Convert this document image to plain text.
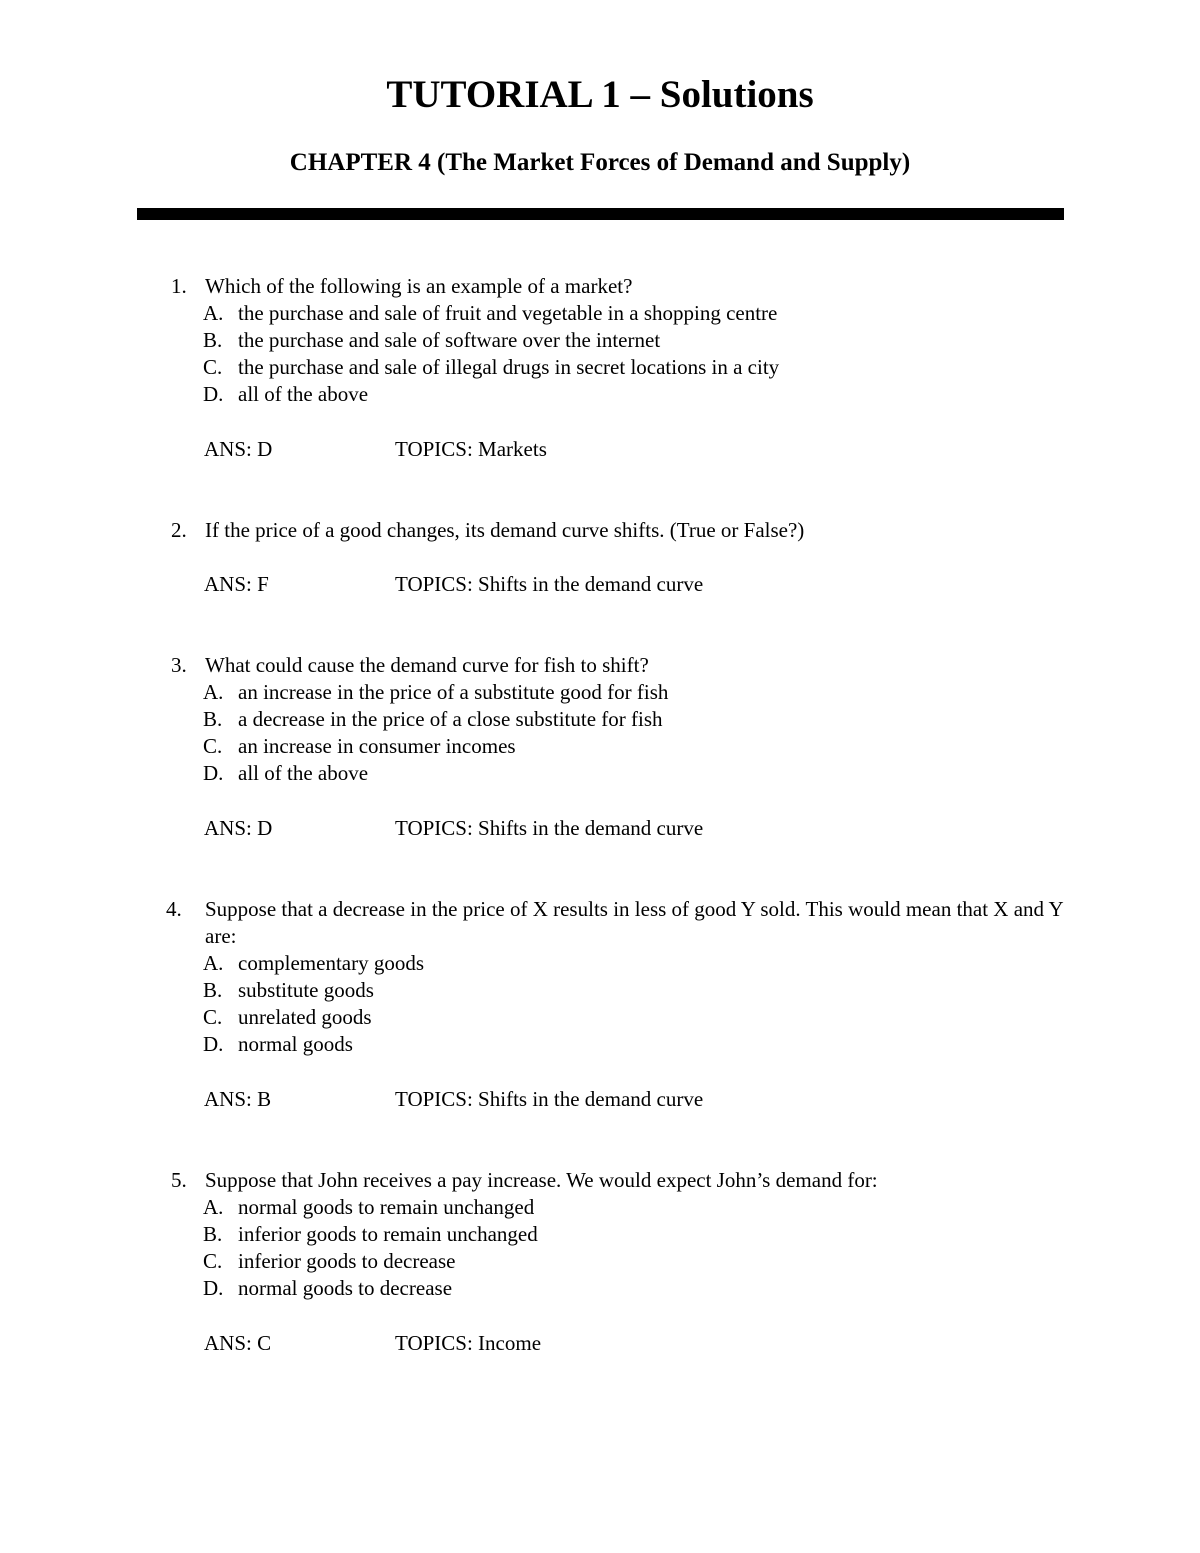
TUTORIAL 1 – Solutions
CHAPTER 4 (The Market Forces of Demand and Supply)
1. Which of the following is an example of a market?
A. the purchase and sale of fruit and vegetable in a shopping centre
B. the purchase and sale of software over the internet
C. the purchase and sale of illegal drugs in secret locations in a city
D. all of the above
ANS: D	TOPICS: Markets
2. If the price of a good changes, its demand curve shifts. (True or False?)
ANS: F	TOPICS: Shifts in the demand curve
3. What could cause the demand curve for fish to shift?
A. an increase in the price of a substitute good for fish
B. a decrease in the price of a close substitute for fish
C. an increase in consumer incomes
D. all of the above
ANS: D	TOPICS: Shifts in the demand curve
4. Suppose that a decrease in the price of X results in less of good Y sold. This would mean that X and Y are:
A. complementary goods
B. substitute goods
C. unrelated goods
D. normal goods
ANS: B	TOPICS: Shifts in the demand curve
5. Suppose that John receives a pay increase. We would expect John’s demand for:
A. normal goods to remain unchanged
B. inferior goods to remain unchanged
C. inferior goods to decrease
D. normal goods to decrease
ANS: C	TOPICS: Income
